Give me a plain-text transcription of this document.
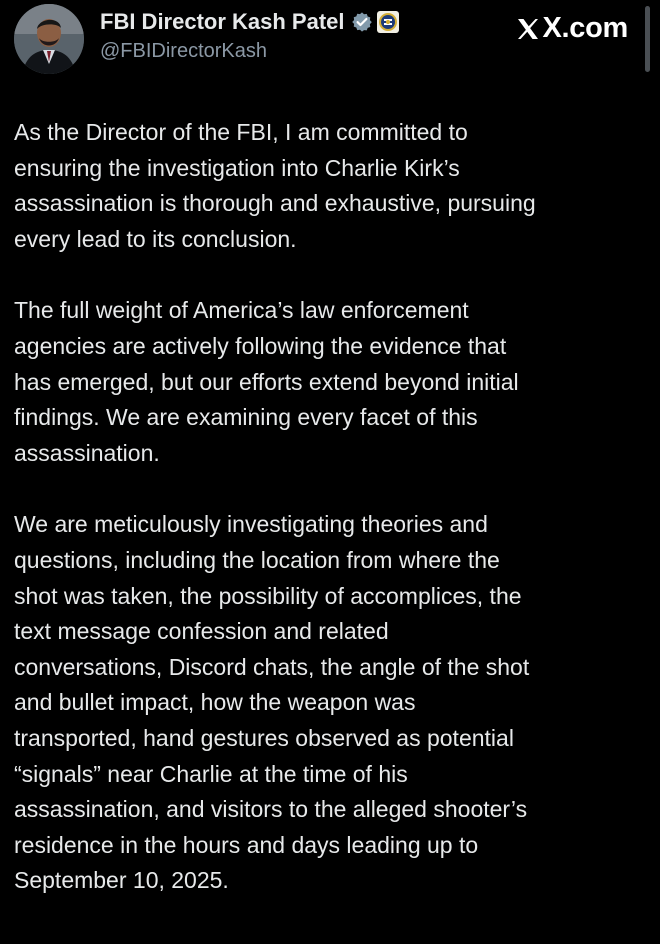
FBI Director Kash Patel
@FBIDirectorKash
X.com

As the Director of the FBI, I am committed to
ensuring the investigation into Charlie Kirk’s
assassination is thorough and exhaustive, pursuing
every lead to its conclusion.

The full weight of America’s law enforcement
agencies are actively following the evidence that
has emerged, but our efforts extend beyond initial
findings. We are examining every facet of this
assassination.

We are meticulously investigating theories and
questions, including the location from where the
shot was taken, the possibility of accomplices, the
text message confession and related
conversations, Discord chats, the angle of the shot
and bullet impact, how the weapon was
transported, hand gestures observed as potential
“signals” near Charlie at the time of his
assassination, and visitors to the alleged shooter’s
residence in the hours and days leading up to
September 10, 2025.
